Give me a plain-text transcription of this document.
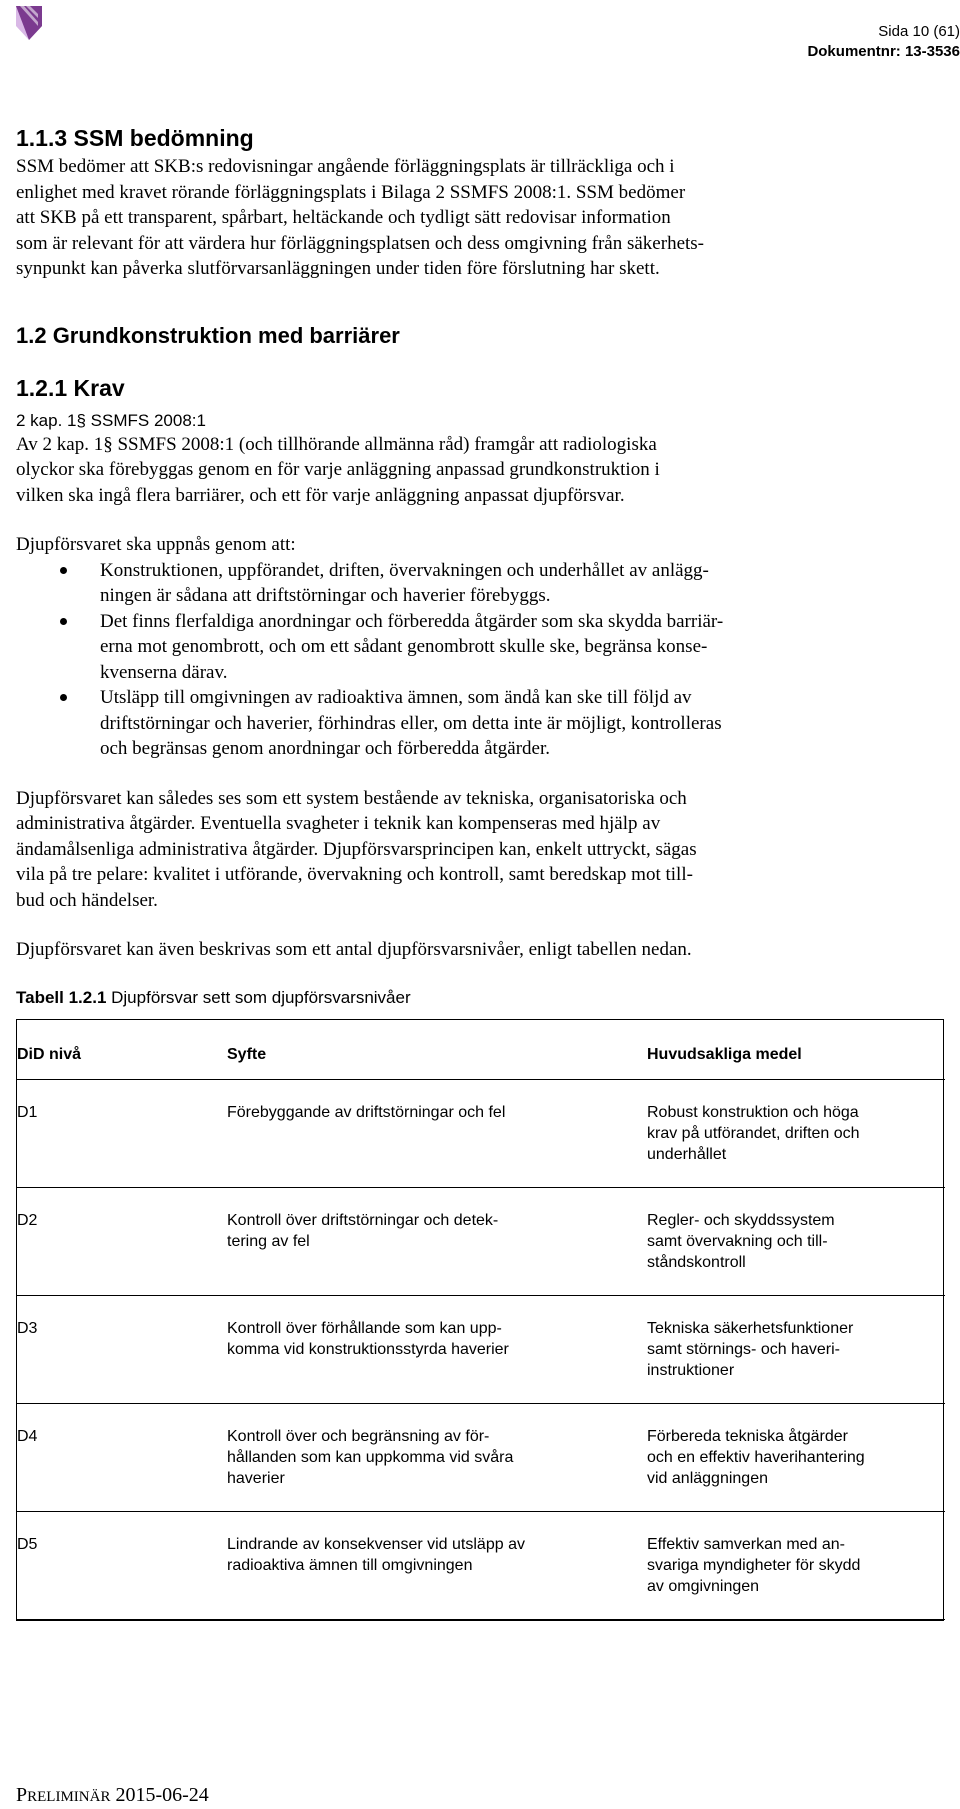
Sida 10 (61)
Dokumentnr: 13-3536
1.1.3 SSM bedömning

SSM bedömer att SKB:s redovisningar angående förläggningsplats är tillräckliga och i

enlighet med kravet rörande förläggningsplats i Bilaga 2 SSMFS 2008:1. SSM bedömer

att SKB på ett transparent, spårbart, heltäckande och tydligt sätt redovisar information

som är relevant för att värdera hur förläggningsplatsen och dess omgivning från säkerhets-

synpunkt kan påverka slutförvarsanläggningen under tiden före förslutning har skett.

1.2 Grundkonstruktion med barriärer
1.2.1 Krav

2 kap. 1§ SSMFS 2008:1

Av 2 kap. 1§ SSMFS 2008:1 (och tillhörande allmänna råd) framgår att radiologiska

olyckor ska förebyggas genom en för varje anläggning anpassad grundkonstruktion i

vilken ska ingå flera barriärer, och ett för varje anläggning anpassat djupförsvar.

Djupförsvaret ska uppnås genom att:

Konstruktionen, uppförandet, driften, övervakningen och underhållet av anlägg-
ningen är sådana att driftstörningar och haverier förebyggs.
Det finns flerfaldiga anordningar och förberedda åtgärder som ska skydda barriär-
erna mot genombrott, och om ett sådant genombrott skulle ske, begränsa konse-
kvenserna därav.
Utsläpp till omgivningen av radioaktiva ämnen, som ändå kan ske till följd av
driftstörningar och haverier, förhindras eller, om detta inte är möjligt, kontrolleras
och begränsas genom anordningar och förberedda åtgärder.

Djupförsvaret kan således ses som ett system bestående av tekniska, organisatoriska och

administrativa åtgärder. Eventuella svagheter i teknik kan kompenseras med hjälp av

ändamålsenliga administrativa åtgärder. Djupförsvarsprincipen kan, enkelt uttryckt, sägas

vila på tre pelare: kvalitet i utförande, övervakning och kontroll, samt beredskap mot till-

bud och händelser.

Djupförsvaret kan även beskrivas som ett antal djupförsvarsnivåer, enligt tabellen nedan.

Tabell 1.2.1 Djupförsvar sett som djupförsvarsnivåer

DiD nivå	Syfte	Huvudsakliga medel
D1	Förebyggande av driftstörningar och fel	Robust konstruktion och höga
krav på utförandet, driften och
underhållet
D2	Kontroll över driftstörningar och detek-
tering av fel	Regler- och skyddssystem
samt övervakning och till-
ståndskontroll
D3	Kontroll över förhållande som kan upp-
komma vid konstruktionsstyrda haverier	Tekniska säkerhetsfunktioner
samt störnings- och haveri-
instruktioner
D4	Kontroll över och begränsning av för-
hållanden som kan uppkomma vid svåra
haverier	Förbereda tekniska åtgärder
och en effektiv haverihantering
vid anläggningen
D5	Lindrande av konsekvenser vid utsläpp av
radioaktiva ämnen till omgivningen	Effektiv samverkan med an-
svariga myndigheter för skydd
av omgivningen
PRELIMINÄR 2015-06-24
